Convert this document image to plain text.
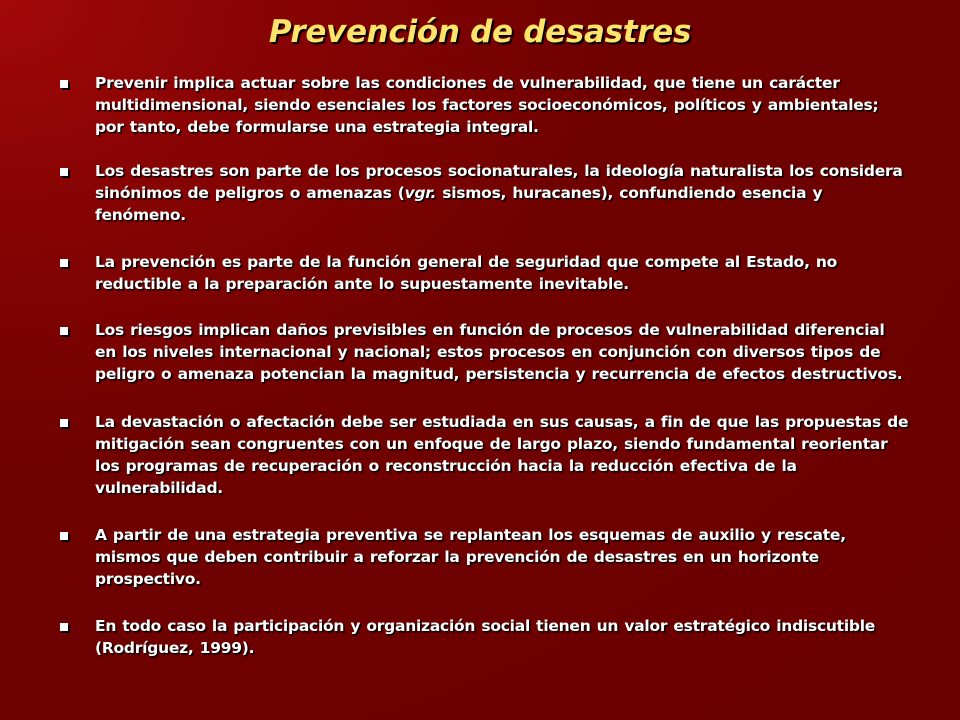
Prevención de desastres
Prevenir implica actuar sobre las condiciones de vulnerabilidad, que tiene un carácter multidimensional, siendo esenciales los factores socioeconómicos, políticos y ambientales; por tanto, debe formularse una estrategia integral.
Los desastres son parte de los procesos socionaturales, la ideología naturalista los considera sinónimos de peligros o amenazas (vgr. sismos, huracanes), confundiendo esencia y fenómeno.
La prevención es parte de la función general de seguridad que compete al Estado, no reductible a la preparación ante lo supuestamente inevitable.
Los riesgos implican daños previsibles en función de procesos de vulnerabilidad diferencial en los niveles internacional y nacional; estos procesos en conjunción con diversos tipos de peligro o amenaza potencian la magnitud, persistencia y recurrencia de efectos destructivos.
La devastación o afectación debe ser estudiada en sus causas, a fin de que las propuestas de mitigación sean congruentes con un enfoque de largo plazo, siendo fundamental reorientar los programas de recuperación o reconstrucción hacia la reducción efectiva de la vulnerabilidad.
A partir de una estrategia preventiva se replantean los esquemas de auxilio y rescate, mismos que deben contribuir a reforzar la prevención de desastres en un horizonte prospectivo.
En todo caso la participación y organización social tienen un valor estratégico indiscutible (Rodríguez, 1999).
